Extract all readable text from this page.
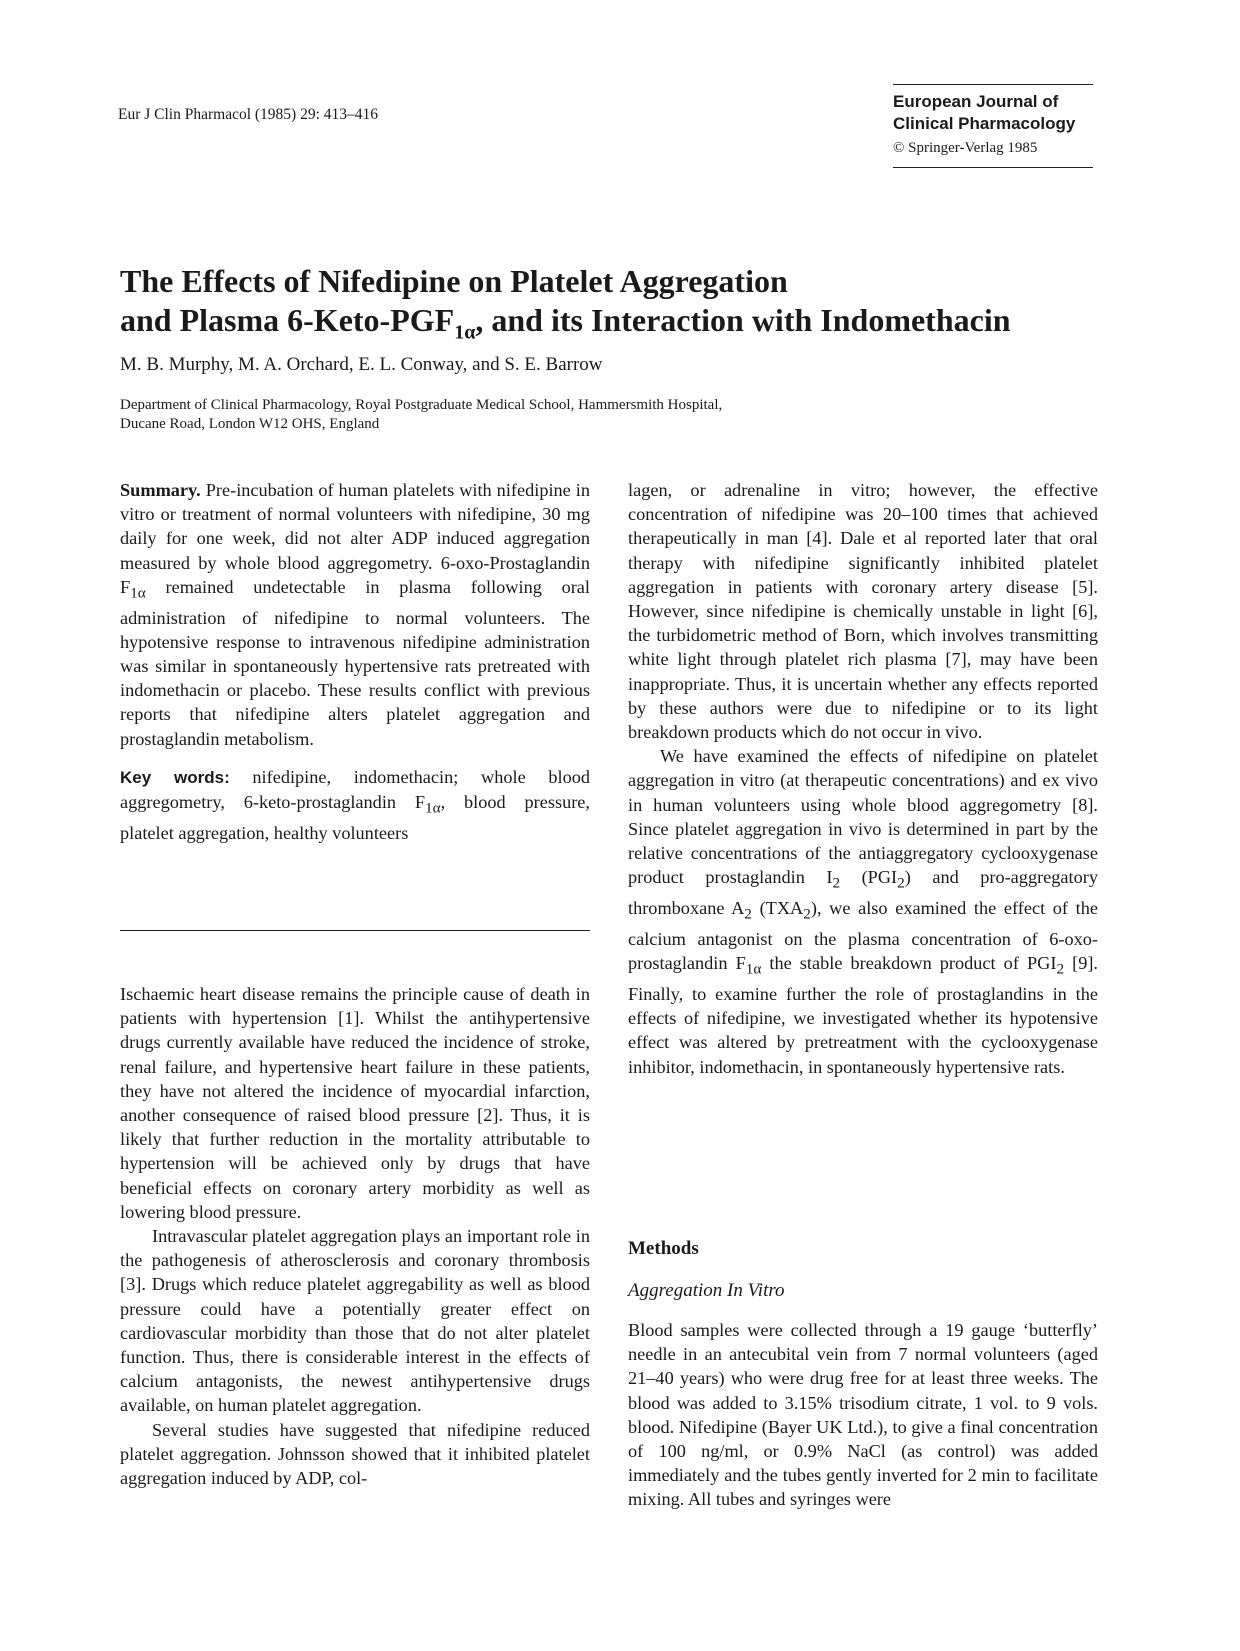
Eur J Clin Pharmacol (1985) 29: 413–416
European Journal of
Clinical Pharmacology
© Springer-Verlag 1985
The Effects of Nifedipine on Platelet Aggregation
and Plasma $6-Keto-PGF_{1\alpha}$, and its Interaction with Indomethacin
M. B. Murphy, M. A. Orchard, E. L. Conway, and S. E. Barrow
Department of Clinical Pharmacology, Royal Postgraduate Medical School, Hammersmith Hospital,
Ducane Road, London W12 OHS, England

Summary. Pre-incubation of human platelets with nifedipine in vitro or treatment of normal volunteers with nifedipine, 30 mg daily for one week, did not alter ADP induced aggregation measured by whole blood aggregometry. 6-oxo-Prostaglandin $F_{1\alpha}$ remained undetectable in plasma following oral administration of nifedipine to normal volunteers. The hypotensive response to intravenous nifedipine administration was similar in spontaneously hypertensive rats pretreated with indomethacin or placebo. These results conflict with previous reports that nifedipine alters platelet aggregation and prostaglandin metabolism.

Key words: nifedipine, indomethacin; whole blood aggregometry, 6-keto-prostaglandin $F_{1\alpha}$, blood pressure, platelet aggregation, healthy volunteers

Ischaemic heart disease remains the principle cause of death in patients with hypertension [1]. Whilst the antihypertensive drugs currently available have reduced the incidence of stroke, renal failure, and hypertensive heart failure in these patients, they have not altered the incidence of myocardial infarction, another consequence of raised blood pressure [2]. Thus, it is likely that further reduction in the mortality attributable to hypertension will be achieved only by drugs that have beneficial effects on coronary artery morbidity as well as lowering blood pressure.

Intravascular platelet aggregation plays an important role in the pathogenesis of atherosclerosis and coronary thrombosis [3]. Drugs which reduce platelet aggregability as well as blood pressure could have a potentially greater effect on cardiovascular morbidity than those that do not alter platelet function. Thus, there is considerable interest in the effects of calcium antagonists, the newest antihypertensive drugs available, on human platelet aggregation.

Several studies have suggested that nifedipine reduced platelet aggregation. Johnsson showed that it inhibited platelet aggregation induced by ADP, col-

lagen, or adrenaline in vitro; however, the effective concentration of nifedipine was 20–100 times that achieved therapeutically in man [4]. Dale et al reported later that oral therapy with nifedipine significantly inhibited platelet aggregation in patients with coronary artery disease [5]. However, since nifedipine is chemically unstable in light [6], the turbidometric method of Born, which involves transmitting white light through platelet rich plasma [7], may have been inappropriate. Thus, it is uncertain whether any effects reported by these authors were due to nifedipine or to its light breakdown products which do not occur in vivo.

We have examined the effects of nifedipine on platelet aggregation in vitro (at therapeutic concentrations) and ex vivo in human volunteers using whole blood aggregometry [8]. Since platelet aggregation in vivo is determined in part by the relative concentrations of the antiaggregatory cyclooxygenase product prostaglandin $I_2$ $(PGI_2)$ and pro-aggregatory thromboxane $A_2$ $(TXA_2)$, we also examined the effect of the calcium antagonist on the plasma concentration of 6-oxo-prostaglandin $F_{1\alpha}$ the stable breakdown product of $PGI_2$ [9]. Finally, to examine further the role of prostaglandins in the effects of nifedipine, we investigated whether its hypotensive effect was altered by pretreatment with the cyclooxygenase inhibitor, indomethacin, in spontaneously hypertensive rats.

Methods
Aggregation In Vitro

Blood samples were collected through a 19 gauge ‘butterfly’ needle in an antecubital vein from 7 normal volunteers (aged 21–40 years) who were drug free for at least three weeks. The blood was added to 3.15% trisodium citrate, 1 vol. to 9 vols. blood. Nifedipine (Bayer UK Ltd.), to give a final concentration of 100 ng/ml, or 0.9% NaCl (as control) was added immediately and the tubes gently inverted for 2 min to facilitate mixing. All tubes and syringes were
